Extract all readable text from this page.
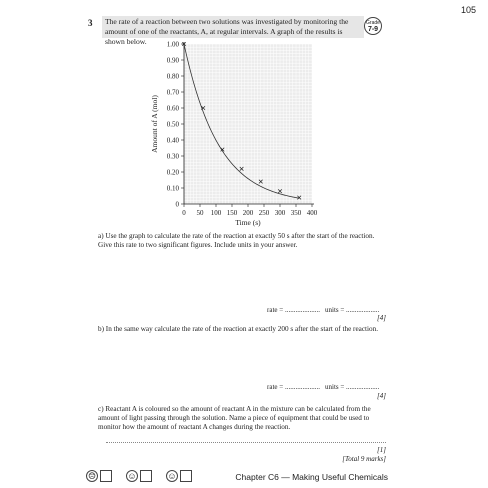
105
3	The rate of a reaction between two solutions was investigated by monitoring the amount of one of the reactants, A, at regular intervals. A graph of the results is shown below.
Grade
7-9
0 50 100 150 200 250 300 350 400
0
0.10
0.20
0.30
0.40
0.50
0.60
0.70
0.80
0.90
1.00
Time (s)
Amount of A (mol)
a) Use the graph to calculate the rate of the reaction at exactly 50 s after the start of the reaction. Give this rate to two significant figures. Include units in your answer.
rate = .................... units = ...................
[4]
b) In the same way calculate the rate of the reaction at exactly 200 s after the start of the reaction.
rate = .................... units = ...................
[4]
c) Reactant A is coloured so the amount of reactant A in the mixture can be calculated from the amount of light passing through the solution. Name a piece of equipment that could be used to monitor how the amount of reactant A changes during the reaction.
[1]
[Total 9 marks]
☹	☺	☺	Chapter C6 — Making Useful Chemicals
